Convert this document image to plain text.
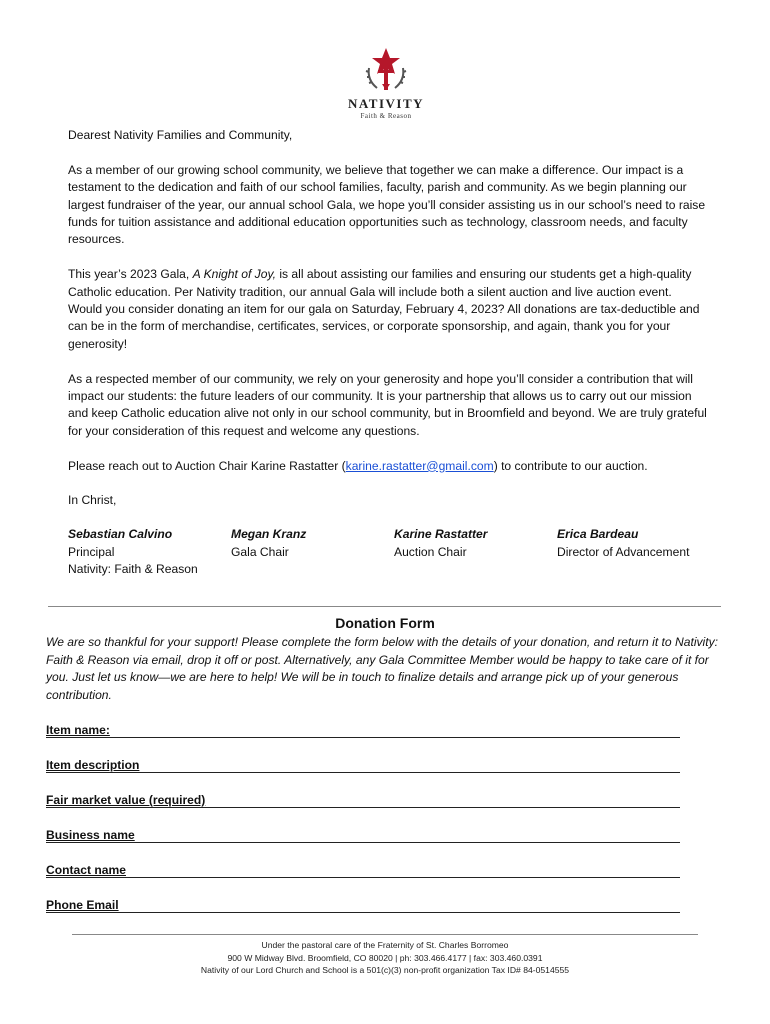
NATIVITY
Faith & Reason

Dearest Nativity Families and Community,

As a member of our growing school community, we believe that together we can make a difference. Our impact is a testament to the dedication and faith of our school families, faculty, parish and community. As we begin planning our largest fundraiser of the year, our annual school Gala, we hope you’ll consider assisting us in our school’s need to raise funds for tuition assistance and additional education opportunities such as technology, classroom needs, and faculty resources.

This year’s 2023 Gala, A Knight of Joy, is all about assisting our families and ensuring our students get a high-quality Catholic education. Per Nativity tradition, our annual Gala will include both a silent auction and live auction event. Would you consider donating an item for our gala on Saturday, February 4, 2023? All donations are tax-deductible and can be in the form of merchandise, certificates, services, or corporate sponsorship, and again, thank you for your generosity!

As a respected member of our community, we rely on your generosity and hope you’ll consider a contribution that will impact our students: the future leaders of our community. It is your partnership that allows us to carry out our mission and keep Catholic education alive not only in our school community, but in Broomfield and beyond. We are truly grateful for your consideration of this request and welcome any questions.

Please reach out to Auction Chair Karine Rastatter (karine.rastatter@gmail.com) to contribute to our auction.

In Christ,

Sebastian Calvino
Principal
Nativity: Faith & Reason
Megan Kranz
Gala Chair
Karine Rastatter
Auction Chair
Erica Bardeau
Director of Advancement
Donation Form
We are so thankful for your support! Please complete the form below with the details of your donation, and return it to Nativity: Faith & Reason via email, drop it off or post. Alternatively, any Gala Committee Member would be happy to take care of it for you. Just let us know—we are here to help! We will be in touch to finalize details and arrange pick up of your generous contribution.
Item name:
Item description
Fair market value (required)
Business name
Contact name
Phone Email
Under the pastoral care of the Fraternity of St. Charles Borromeo
900 W Midway Blvd. Broomfield, CO 80020 | ph: 303.466.4177 | fax: 303.460.0391
Nativity of our Lord Church and School is a 501(c)(3) non-profit organization Tax ID# 84-0514555
